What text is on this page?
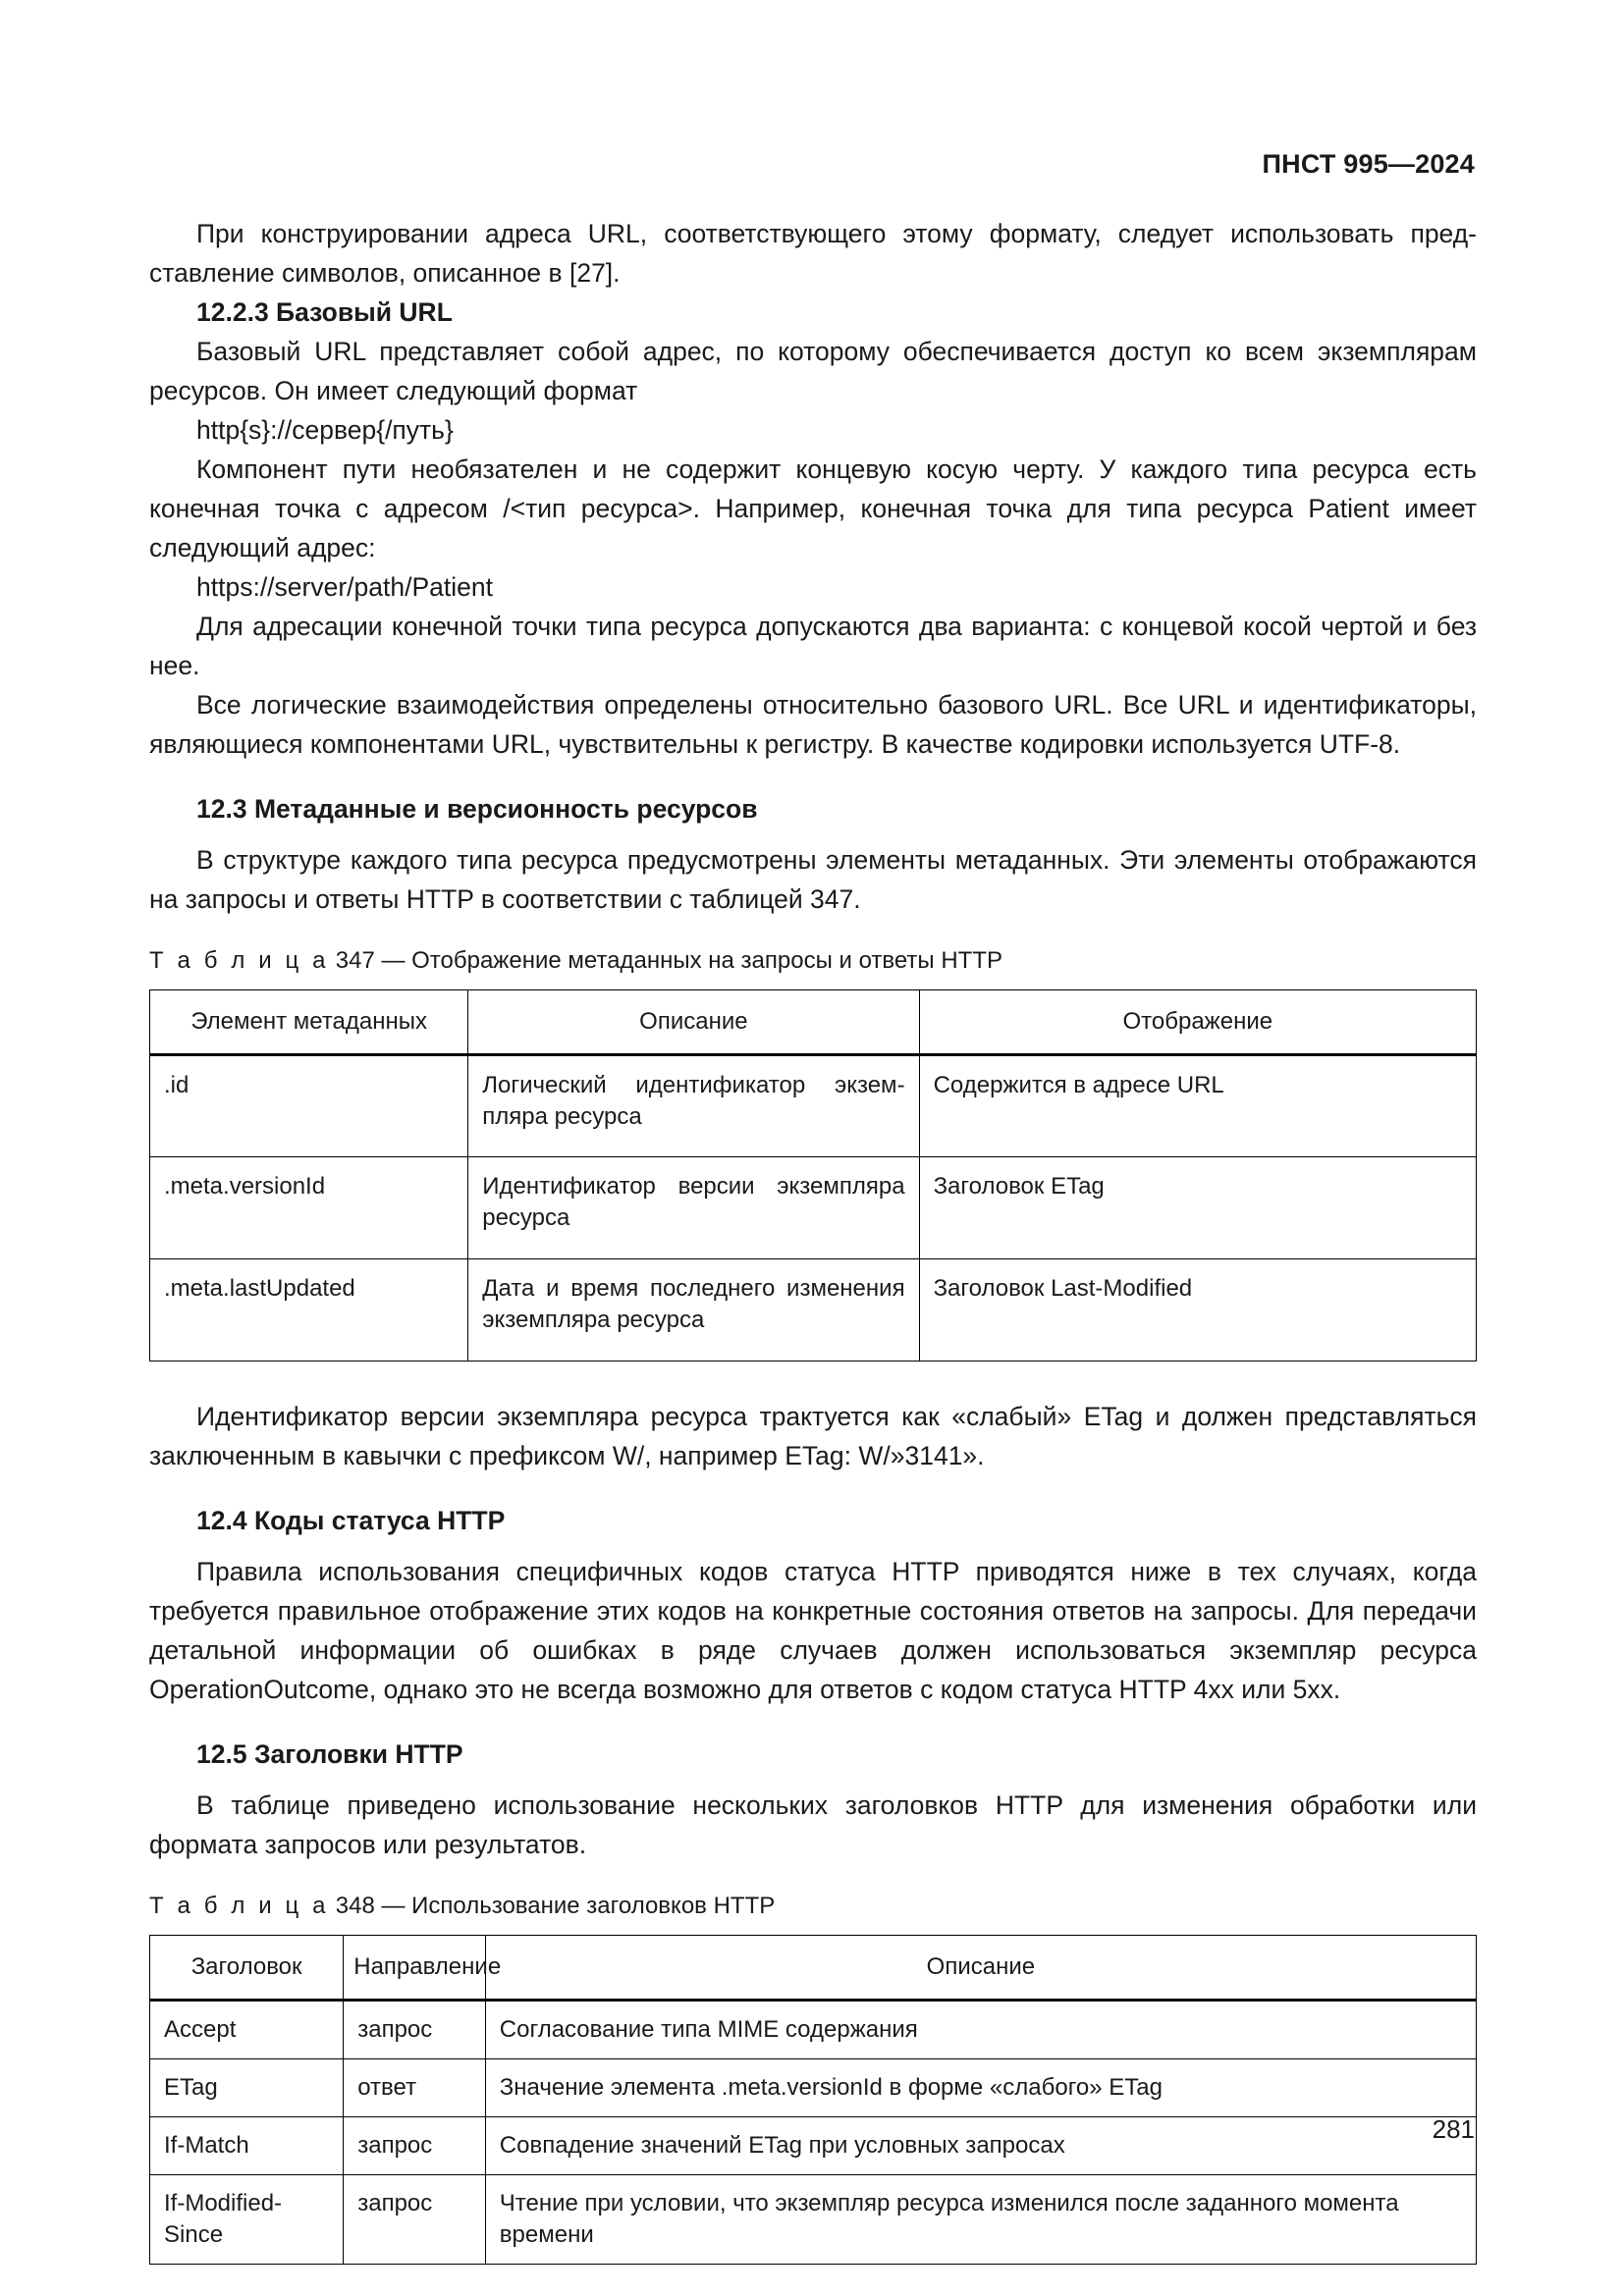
ПНСТ 995—2024

При конструировании адреса URL, соответствующего этому формату, следует использовать представление символов, описанное в [27].

12.2.3 Базовый URL

Базовый URL представляет собой адрес, по которому обеспечивается доступ ко всем экземплярам ресурсов. Он имеет следующий формат

http{s}://сервер{/путь}

Компонент пути необязателен и не содержит концевую косую черту. У каждого типа ресурса есть конечная точка с адресом /<тип ресурса>. Например, конечная точка для типа ресурса Patient имеет следующий адрес:

https://server/path/Patient

Для адресации конечной точки типа ресурса допускаются два варианта: с концевой косой чертой и без нее.

Все логические взаимодействия определены относительно базового URL. Все URL и идентификаторы, являющиеся компонентами URL, чувствительны к регистру. В качестве кодировки используется UTF-8.

12.3 Метаданные и версионность ресурсов

В структуре каждого типа ресурса предусмотрены элементы метаданных. Эти элементы отображаются на запросы и ответы HTTP в соответствии с таблицей 347.

Т а б л и ц а 347 — Отображение метаданных на запросы и ответы HTTP

Элемент метаданных	Описание	Отображение
.id	Логический идентификатор экземпляра ресурса	Содержится в адресе URL
.meta.versionId	Идентификатор версии экземпляра ресурса	Заголовок ETag
.meta.lastUpdated	Дата и время последнего изменения экземпляра ресурса	Заголовок Last-Modified

Идентификатор версии экземпляра ресурса трактуется как «слабый» ETag и должен представляться заключенным в кавычки с префиксом W/, например ETag: W/»3141».

12.4 Коды статуса HTTP

Правила использования специфичных кодов статуса HTTP приводятся ниже в тех случаях, когда требуется правильное отображение этих кодов на конкретные состояния ответов на запросы. Для передачи детальной информации об ошибках в ряде случаев должен использоваться экземпляр ресурса OperationOutcome, однако это не всегда возможно для ответов с кодом статуса HTTP 4хх или 5хх.

12.5 Заголовки HTTP

В таблице приведено использование нескольких заголовков HTTP для изменения обработки или формата запросов или результатов.

Т а б л и ц а 348 — Использование заголовков HTTP

Заголовок	Направление	Описание
Accept	запрос	Согласование типа MIME содержания
ETag	ответ	Значение элемента .meta.versionId в форме «слабого» ETag
If-Match	запрос	Совпадение значений ETag при условных запросах
If-Modified-Since	запрос	Чтение при условии, что экземпляр ресурса изменился после заданного момента времени
281
